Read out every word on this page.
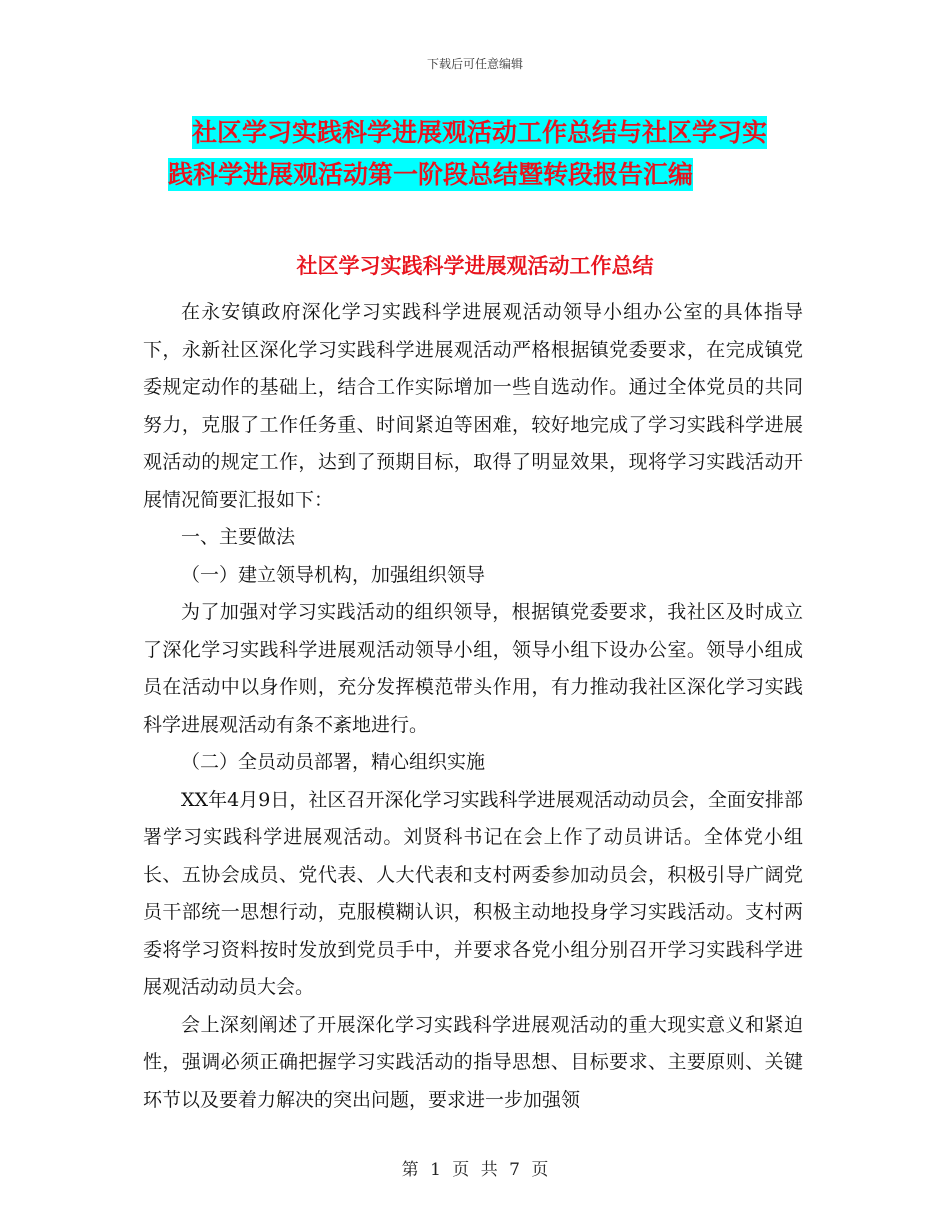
下载后可任意编辑
社区学习实践科学进展观活动工作总结与社区学习实
践科学进展观活动第一阶段总结暨转段报告汇编
社区学习实践科学进展观活动工作总结

在永安镇政府深化学习实践科学进展观活动领导小组办公室的具体指导下，永新社区深化学习实践科学进展观活动严格根据镇党委要求，在完成镇党委规定动作的基础上，结合工作实际增加一些自选动作。通过全体党员的共同努力，克服了工作任务重、时间紧迫等困难，较好地完成了学习实践科学进展观活动的规定工作，达到了预期目标，取得了明显效果，现将学习实践活动开展情况简要汇报如下：

一、主要做法

（一）建立领导机构，加强组织领导

为了加强对学习实践活动的组织领导，根据镇党委要求，我社区及时成立了深化学习实践科学进展观活动领导小组，领导小组下设办公室。领导小组成员在活动中以身作则，充分发挥模范带头作用，有力推动我社区深化学习实践科学进展观活动有条不紊地进行。

（二）全员动员部署，精心组织实施

XX年4月9日，社区召开深化学习实践科学进展观活动动员会，全面安排部署学习实践科学进展观活动。刘贤科书记在会上作了动员讲话。全体党小组长、五协会成员、党代表、人大代表和支村两委参加动员会，积极引导广阔党员干部统一思想行动，克服模糊认识，积极主动地投身学习实践活动。支村两委将学习资料按时发放到党员手中，并要求各党小组分别召开学习实践科学进展观活动动员大会。

会上深刻阐述了开展深化学习实践科学进展观活动的重大现实意义和紧迫性，强调必须正确把握学习实践活动的指导思想、目标要求、主要原则、关键环节以及要着力解决的突出问题，要求进一步加强领

第 1 页 共 7 页
